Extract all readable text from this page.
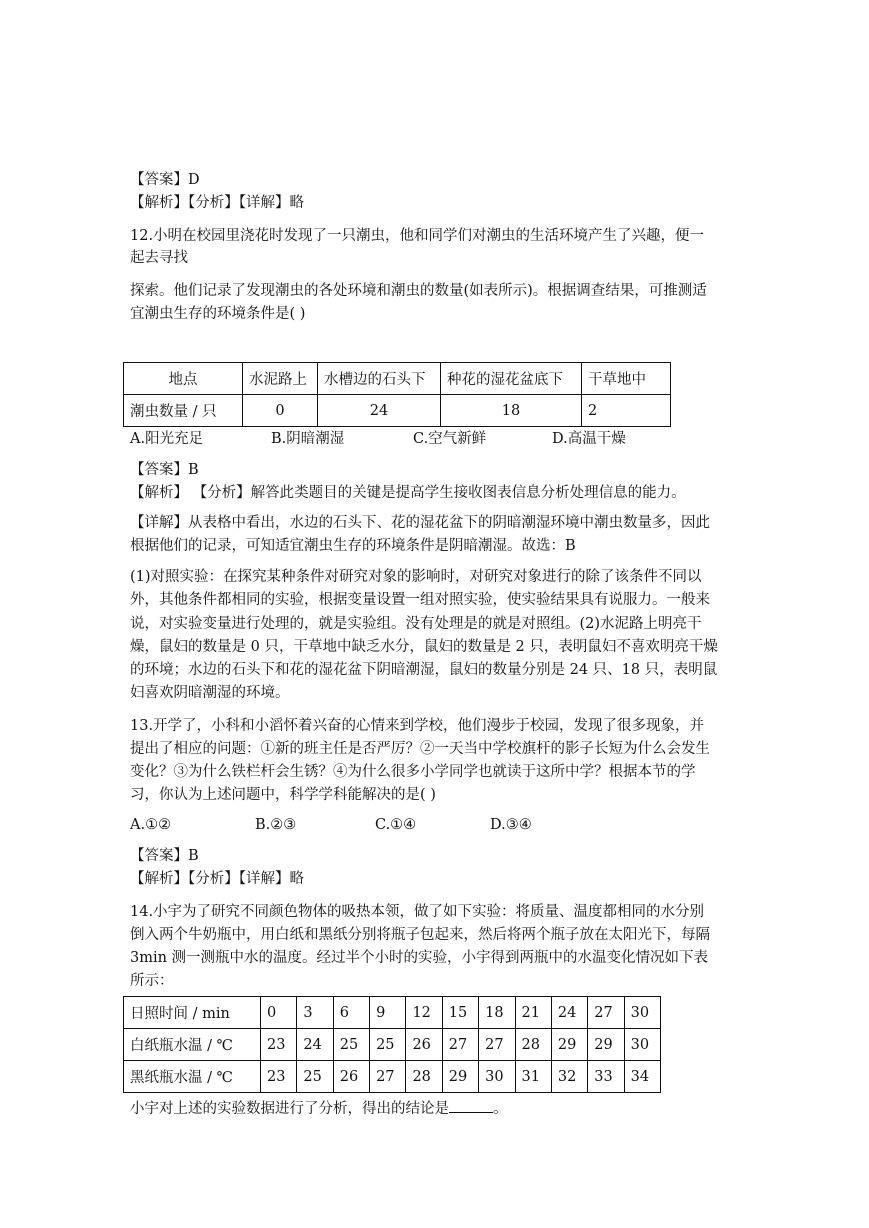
【答案】D
【解析】【分析】【详解】略
12.小明在校园里浇花时发现了一只潮虫，他和同学们对潮虫的生活环境产生了兴趣，便一
起去寻找
探索。他们记录了发现潮虫的各处环境和潮虫的数量(如表所示)。根据调查结果，可推测适
宜潮虫生存的环境条件是( )
地点	水泥路上	水槽边的石头下	种花的湿花盆底下	干草地中
潮虫数量 / 只	0	24	18	2
A.阳光充足	B.阴暗潮湿	C.空气新鲜	D.高温干燥
【答案】B
【解析】 【分析】解答此类题目的关键是提高学生接收图表信息分析处理信息的能力。
【详解】从表格中看出，水边的石头下、花的湿花盆下的阴暗潮湿环境中潮虫数量多，因此
根据他们的记录，可知适宜潮虫生存的环境条件是阴暗潮湿。故选：B
(1)对照实验：在探究某种条件对研究对象的影响时，对研究对象进行的除了该条件不同以
外，其他条件都相同的实验，根据变量设置一组对照实验，使实验结果具有说服力。一般来
说，对实验变量进行处理的，就是实验组。没有处理是的就是对照组。(2)水泥路上明亮干
燥，鼠妇的数量是 0 只，干草地中缺乏水分，鼠妇的数量是 2 只，表明鼠妇不喜欢明亮干燥
的环境；水边的石头下和花的湿花盆下阴暗潮湿，鼠妇的数量分别是 24 只、18 只，表明鼠
妇喜欢阴暗潮湿的环境。
13.开学了，小科和小滔怀着兴奋的心情来到学校，他们漫步于校园，发现了很多现象，并
提出了相应的问题：①新的班主任是否严厉？②一天当中学校旗杆的影子长短为什么会发生
变化？③为什么铁栏杆会生锈？④为什么很多小学同学也就读于这所中学？根据本节的学
习，你认为上述问题中，科学学科能解决的是( )
A.①②	B.②③	C.①④	D.③④
【答案】B
【解析】【分析】【详解】略
14.小宇为了研究不同颜色物体的吸热本领，做了如下实验：将质量、温度都相同的水分别
倒入两个牛奶瓶中，用白纸和黑纸分别将瓶子包起来，然后将两个瓶子放在太阳光下，每隔
3min 测一测瓶中水的温度。经过半个小时的实验，小宇得到两瓶中的水温变化情况如下表
所示：
日照时间 / min	0	3	6	9	12	15	18	21	24	27	30
白纸瓶水温 / ℃	23	24	25	25	26	27	27	28	29	29	30
黑纸瓶水温 / ℃	23	25	26	27	28	29	30	31	32	33	34
小宇对上述的实验数据进行了分析，得出的结论是	。
